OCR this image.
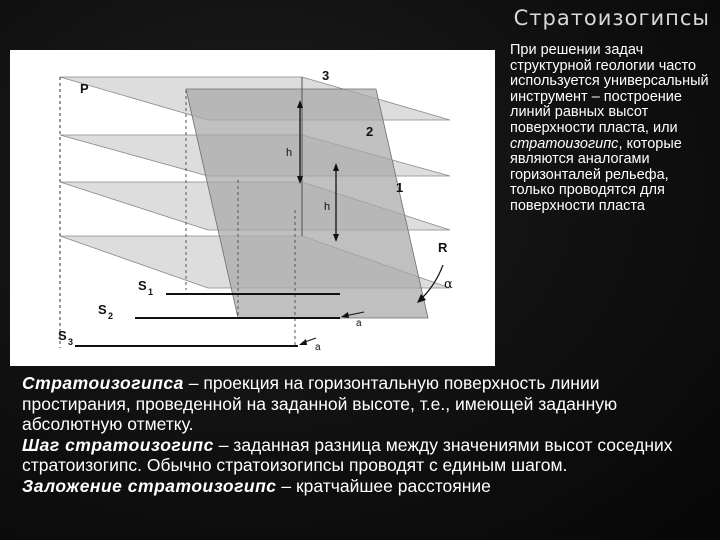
Стратоизогипсы
P
3
2
1
R
h
h
α
S 1
S 2
S 3
a
a
При решении задач структурной геологии часто используется универсальный инструмент – построение линий равных высот поверхности пласта, или стратоизогипс, которые являются аналогами горизонталей рельефа, только проводятся для поверхности пласта
Стратоизогипса – проекция на горизонтальную поверхность линии простирания, проведенной на заданной высоте, т.е., имеющей заданную абсолютную отметку.
Шаг стратоизогипс – заданная разница между значениями высот соседних стратоизогипс. Обычно стратоизогипсы проводят с единым шагом.
Заложение стратоизогипс – кратчайшее расстояние
